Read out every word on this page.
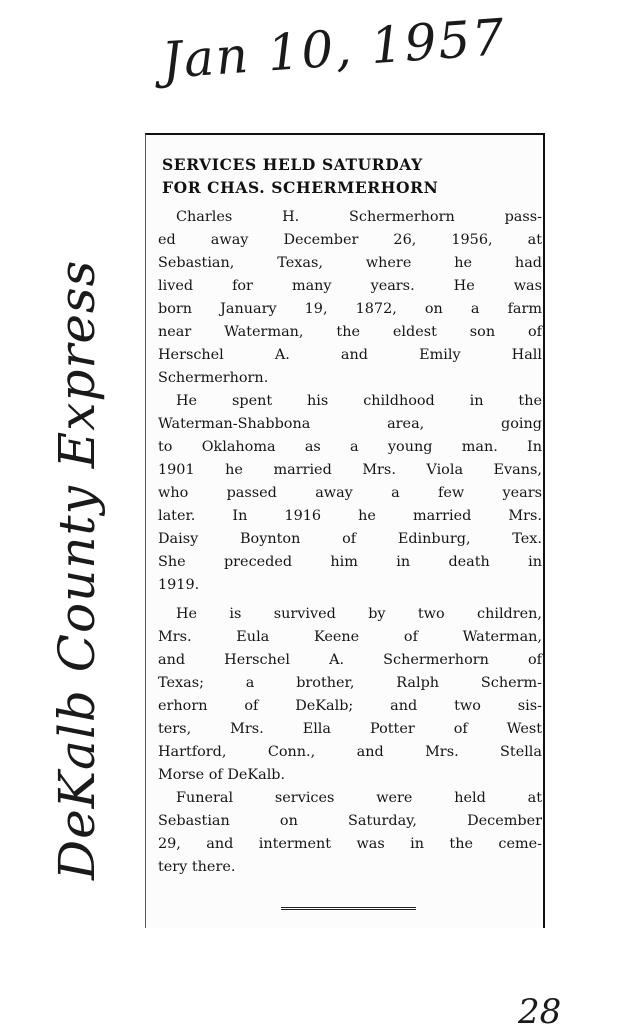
Jan 10, 1957
DeKalb County Express
SERVICES HELD SATURDAY
FOR CHAS. SCHERMERHORN
Charles H. Schermerhorn pass-
ed away December 26, 1956, at
Sebastian, Texas, where he had
lived for many years. He was
born January 19, 1872, on a farm
near Waterman, the eldest son of
Herschel A. and Emily Hall
Schermerhorn.
He spent his childhood in the
Waterman-Shabbona area, going
to Oklahoma as a young man. In
1901 he married Mrs. Viola Evans,
who passed away a few years
later. In 1916 he married Mrs.
Daisy Boynton of Edinburg, Tex.
She preceded him in death in
1919.
He is survived by two children,
Mrs. Eula Keene of Waterman,
and Herschel A. Schermerhorn of
Texas; a brother, Ralph Scherm-
erhorn of DeKalb; and two sis-
ters, Mrs. Ella Potter of West
Hartford, Conn., and Mrs. Stella
Morse of DeKalb.
Funeral services were held at
Sebastian on Saturday, December
29, and interment was in the ceme-
tery there.
28
